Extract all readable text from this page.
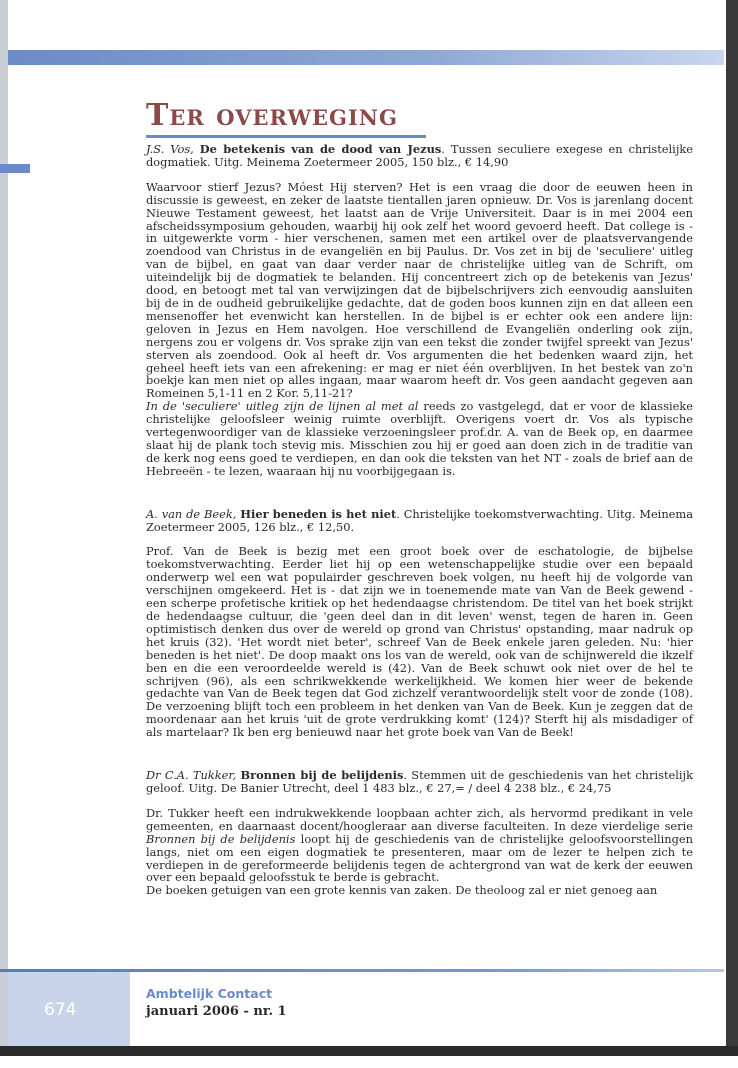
Ter overweging

J.S. Vos, De betekenis van de dood van Jezus. Tussen seculiere exegese en christelijke dogmatiek. Uitg. Meinema Zoetermeer 2005, 150 blz., € 14,90

Waarvoor stierf Jezus? Móest Hij sterven? Het is een vraag die door de eeuwen heen in discussie is geweest, en zeker de laatste tientallen jaren opnieuw. Dr. Vos is jarenlang docent Nieuwe Testament geweest, het laatst aan de Vrije Universiteit. Daar is in mei 2004 een afscheidssymposium gehouden, waarbij hij ook zelf het woord gevoerd heeft. Dat college is - in uitgewerkte vorm - hier verschenen, samen met een artikel over de plaatsvervangende zoendood van Christus in de evangeliën en bij Paulus. Dr. Vos zet in bij de 'seculiere' uitleg van de bijbel, en gaat van daar verder naar de christelijke uitleg van de Schrift, om uiteindelijk bij de dogmatiek te belanden. Hij concentreert zich op de betekenis van Jezus' dood, en betoogt met tal van verwijzingen dat de bijbelschrijvers zich eenvoudig aansluiten bij de in de oudheid gebruikelijke gedachte, dat de goden boos kunnen zijn en dat alleen een mensenoffer het evenwicht kan herstellen. In de bijbel is er echter ook een andere lijn: geloven in Jezus en Hem navolgen. Hoe verschillend de Evangeliën onderling ook zijn, nergens zou er volgens dr. Vos sprake zijn van een tekst die zonder twijfel spreekt van Jezus' sterven als zoendood. Ook al heeft dr. Vos argumenten die het bedenken waard zijn, het geheel heeft iets van een afrekening: er mag er niet één overblijven. In het bestek van zo'n boekje kan men niet op alles ingaan, maar waarom heeft dr. Vos geen aandacht gegeven aan Romeinen 5,1-11 en 2 Kor. 5,11-21?

In de 'seculiere' uitleg zijn de lijnen al met al reeds zo vastgelegd, dat er voor de klassieke christelijke geloofsleer weinig ruimte overblijft. Overigens voert dr. Vos als typische vertegenwoordiger van de klassieke verzoeningsleer prof.dr. A. van de Beek op, en daarmee slaat hij de plank toch stevig mis. Misschien zou hij er goed aan doen zich in de traditie van de kerk nog eens goed te verdiepen, en dan ook die teksten van het NT - zoals de brief aan de Hebreeën - te lezen, waaraan hij nu voorbijgegaan is.

A. van de Beek, Hier beneden is het niet. Christelijke toekomstverwachting. Uitg. Meinema Zoetermeer 2005, 126 blz., € 12,50.

Prof. Van de Beek is bezig met een groot boek over de eschatologie, de bijbelse toekomstverwachting. Eerder liet hij op een wetenschappelijke studie over een bepaald onderwerp wel een wat populairder geschreven boek volgen, nu heeft hij de volgorde van verschijnen omgekeerd. Het is - dat zijn we in toenemende mate van Van de Beek gewend - een scherpe profetische kritiek op het hedendaagse christendom. De titel van het boek strijkt de hedendaagse cultuur, die 'geen deel dan in dit leven' wenst, tegen de haren in. Geen optimistisch denken dus over de wereld op grond van Christus' opstanding, maar nadruk op het kruis (32). 'Het wordt niet beter', schreef Van de Beek enkele jaren geleden. Nu: 'hier beneden is het niet'. De doop maakt ons los van de wereld, ook van de schijnwereld die ikzelf ben en die een veroordeelde wereld is (42). Van de Beek schuwt ook niet over de hel te schrijven (96), als een schrikwekkende werkelijkheid. We komen hier weer de bekende gedachte van Van de Beek tegen dat God zichzelf verantwoordelijk stelt voor de zonde (108). De verzoening blijft toch een probleem in het denken van Van de Beek. Kun je zeggen dat de moordenaar aan het kruis 'uit de grote verdrukking komt' (124)? Sterft hij als misdadiger of als martelaar? Ik ben erg benieuwd naar het grote boek van Van de Beek!

Dr C.A. Tukker, Bronnen bij de belijdenis. Stemmen uit de geschiedenis van het christelijk geloof. Uitg. De Banier Utrecht, deel 1 483 blz., € 27,= / deel 4 238 blz., € 24,75

Dr. Tukker heeft een indrukwekkende loopbaan achter zich, als hervormd predikant in vele gemeenten, en daarnaast docent/hoogleraar aan diverse faculteiten. In deze vierdelige serie Bronnen bij de belijdenis loopt hij de geschiedenis van de christelijke geloofsvoorstellingen langs, niet om een eigen dogmatiek te presenteren, maar om de lezer te helpen zich te verdiepen in de gereformeerde belijdenis tegen de achtergrond van wat de kerk der eeuwen over een bepaald geloofsstuk te berde is gebracht.

De boeken getuigen van een grote kennis van zaken. De theoloog zal er niet genoeg aan

674
Ambtelijk Contact
januari 2006 - nr. 1
